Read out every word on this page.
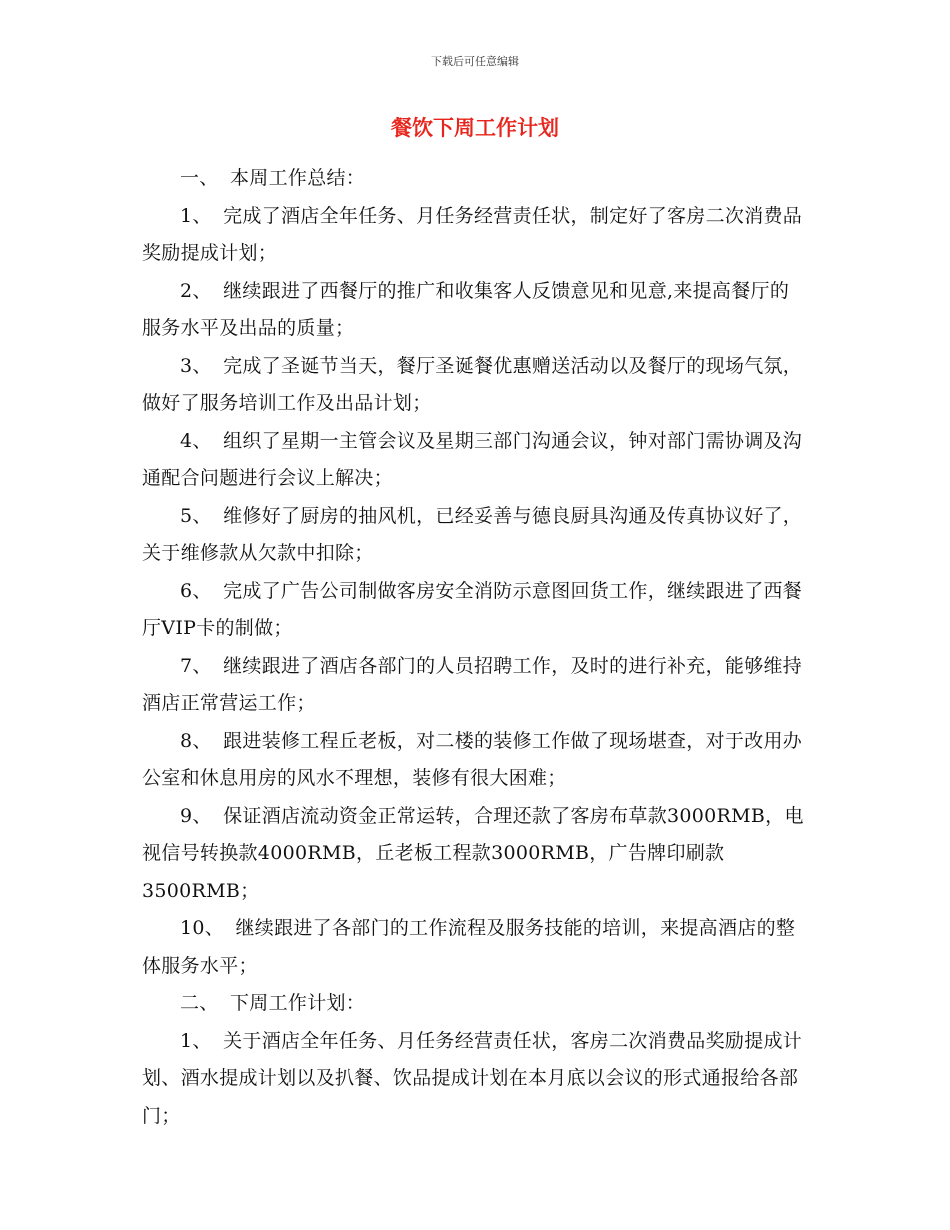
下载后可任意编辑
餐饮下周工作计划

一、 本周工作总结：

1、 完成了酒店全年任务、月任务经营责任状，制定好了客房二次消费品奖励提成计划；

2、 继续跟进了西餐厅的推广和收集客人反馈意见和见意,来提高餐厅的服务水平及出品的质量；

3、 完成了圣诞节当天，餐厅圣诞餐优惠赠送活动以及餐厅的现场气氛，做好了服务培训工作及出品计划；

4、 组织了星期一主管会议及星期三部门沟通会议，钟对部门需协调及沟通配合问题进行会议上解决；

5、 维修好了厨房的抽风机，已经妥善与德良厨具沟通及传真协议好了，关于维修款从欠款中扣除；

6、 完成了广告公司制做客房安全消防示意图回货工作，继续跟进了西餐厅VIP卡的制做；

7、 继续跟进了酒店各部门的人员招聘工作，及时的进行补充，能够维持酒店正常营运工作；

8、 跟进装修工程丘老板，对二楼的装修工作做了现场堪查，对于改用办公室和休息用房的风水不理想，装修有很大困难；

9、 保证酒店流动资金正常运转，合理还款了客房布草款3000RMB，电视信号转换款4000RMB，丘老板工程款3000RMB，广告牌印刷款3500RMB；

10、 继续跟进了各部门的工作流程及服务技能的培训，来提高酒店的整体服务水平；

二、 下周工作计划：

1、 关于酒店全年任务、月任务经营责任状，客房二次消费品奖励提成计划、酒水提成计划以及扒餐、饮品提成计划在本月底以会议的形式通报给各部门；
